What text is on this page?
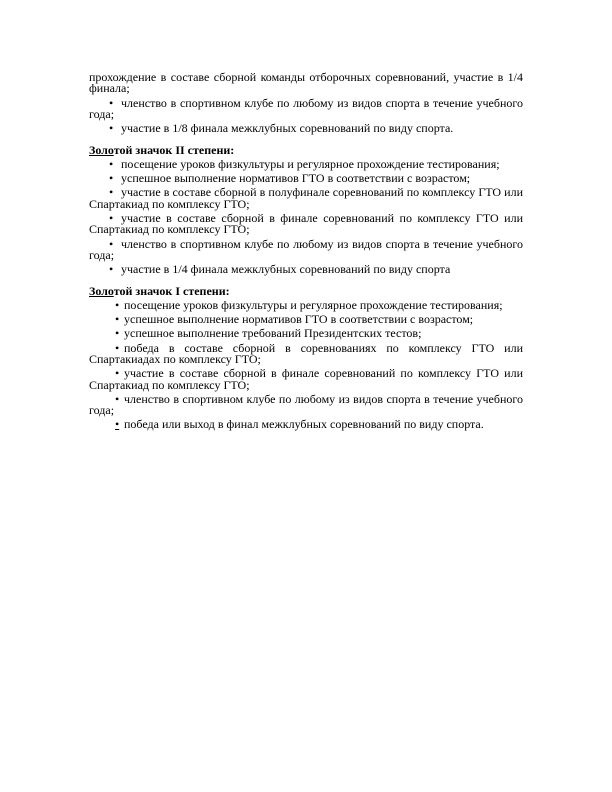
прохождение в составе сборной команды отборочных соревнований, участие в 1/4 финала;
• членство в спортивном клубе по любому из видов спорта в течение учебного года;
• участие в 1/8 финала межклубных соревнований по виду спорта.
Золотой значок II степени:
• посещение уроков физкультуры и регулярное прохождение тестирования;
• успешное выполнение нормативов ГТО в соответствии с возрастом;
• участие в составе сборной в полуфинале соревнований по комплексу ГТО или Спартакиад по комплексу ГТО;
• участие в составе сборной в финале соревнований по комплексу ГТО или Спартакиад по комплексу ГТО;
• членство в спортивном клубе по любому из видов спорта в течение учебного года;
• участие в 1/4 финала межклубных соревнований по виду спорта
Золотой значок I степени:
• посещение уроков физкультуры и регулярное прохождение тестирования;
• успешное выполнение нормативов ГТО в соответствии с возрастом;
• успешное выполнение требований Президентских тестов;
• победа в составе сборной в соревнованиях по комплексу ГТО или Спартакиадах по комплексу ГТО;
• участие в составе сборной в финале соревнований по комплексу ГТО или Спартакиад по комплексу ГТО;
• членство в спортивном клубе по любому из видов спорта в течение учебного года;
• победа или выход в финал межклубных соревнований по виду спорта.
